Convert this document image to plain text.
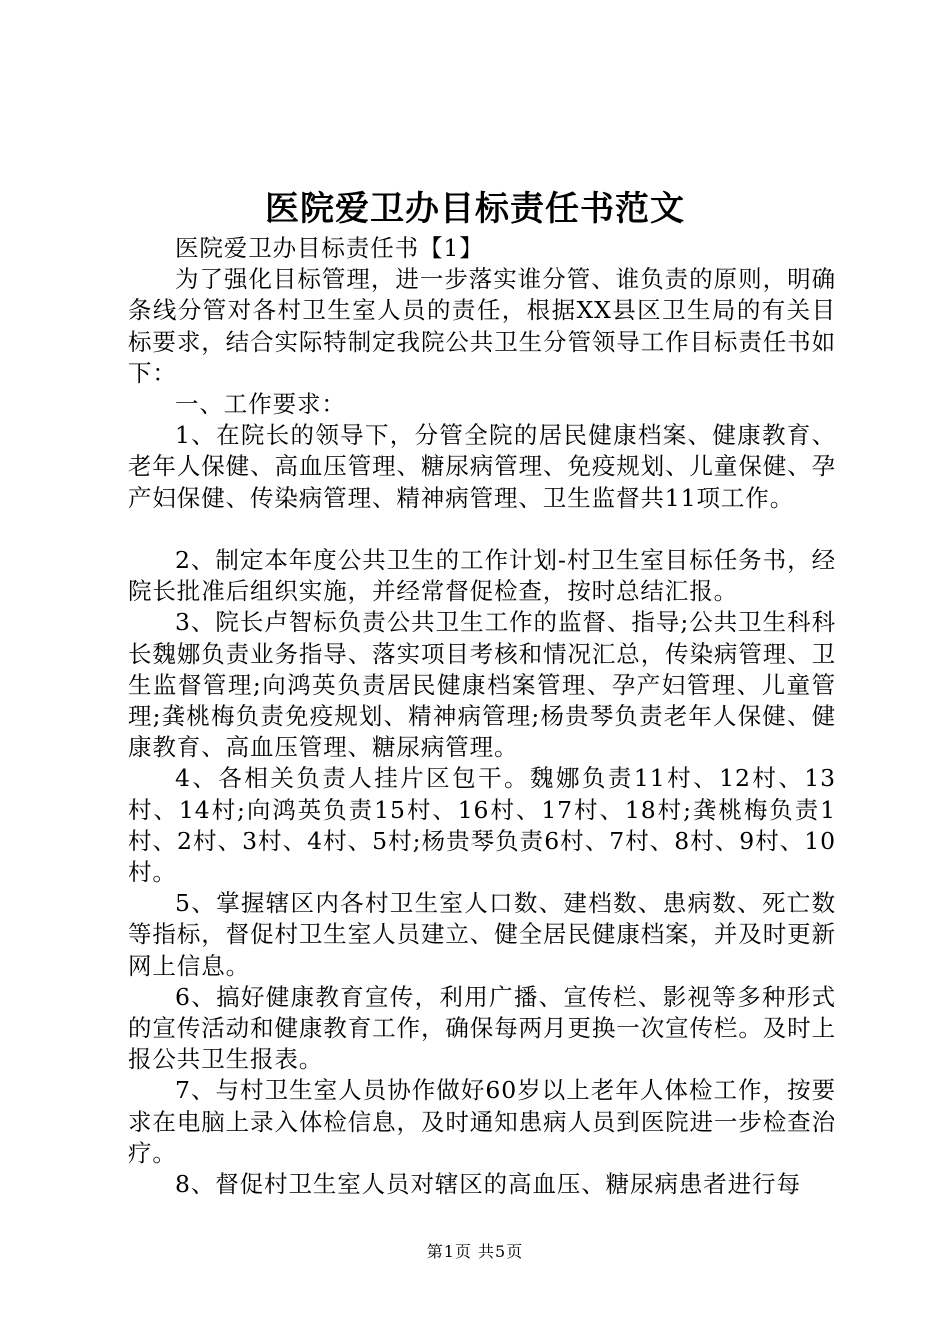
医院爱卫办目标责任书范文

医院爱卫办目标责任书【1】

为了强化目标管理，进一步落实谁分管、谁负责的原则，明确条线分管对各村卫生室人员的责任，根据XX县区卫生局的有关目标要求，结合实际特制定我院公共卫生分管领导工作目标责任书如下：

一、工作要求：

1、在院长的领导下，分管全院的居民健康档案、健康教育、老年人保健、高血压管理、糖尿病管理、免疫规划、儿童保健、孕产妇保健、传染病管理、精神病管理、卫生监督共11项工作。

2、制定本年度公共卫生的工作计划-村卫生室目标任务书，经院长批准后组织实施，并经常督促检查，按时总结汇报。

3、院长卢智标负责公共卫生工作的监督、指导;公共卫生科科长魏娜负责业务指导、落实项目考核和情况汇总，传染病管理、卫生监督管理;向鸿英负责居民健康档案管理、孕产妇管理、儿童管理;龚桃梅负责免疫规划、精神病管理;杨贵琴负责老年人保健、健康教育、高血压管理、糖尿病管理。

4、各相关负责人挂片区包干。魏娜负责11村、12村、13村、14村;向鸿英负责15村、16村、17村、18村;龚桃梅负责1村、2村、3村、4村、5村;杨贵琴负责6村、7村、8村、9村、10村。

5、掌握辖区内各村卫生室人口数、建档数、患病数、死亡数等指标，督促村卫生室人员建立、健全居民健康档案，并及时更新网上信息。

6、搞好健康教育宣传，利用广播、宣传栏、影视等多种形式的宣传活动和健康教育工作，确保每两月更换一次宣传栏。及时上报公共卫生报表。

7、与村卫生室人员协作做好60岁以上老年人体检工作，按要求在电脑上录入体检信息，及时通知患病人员到医院进一步检查治疗。

8、督促村卫生室人员对辖区的高血压、糖尿病患者进行每

第1页 共5页
